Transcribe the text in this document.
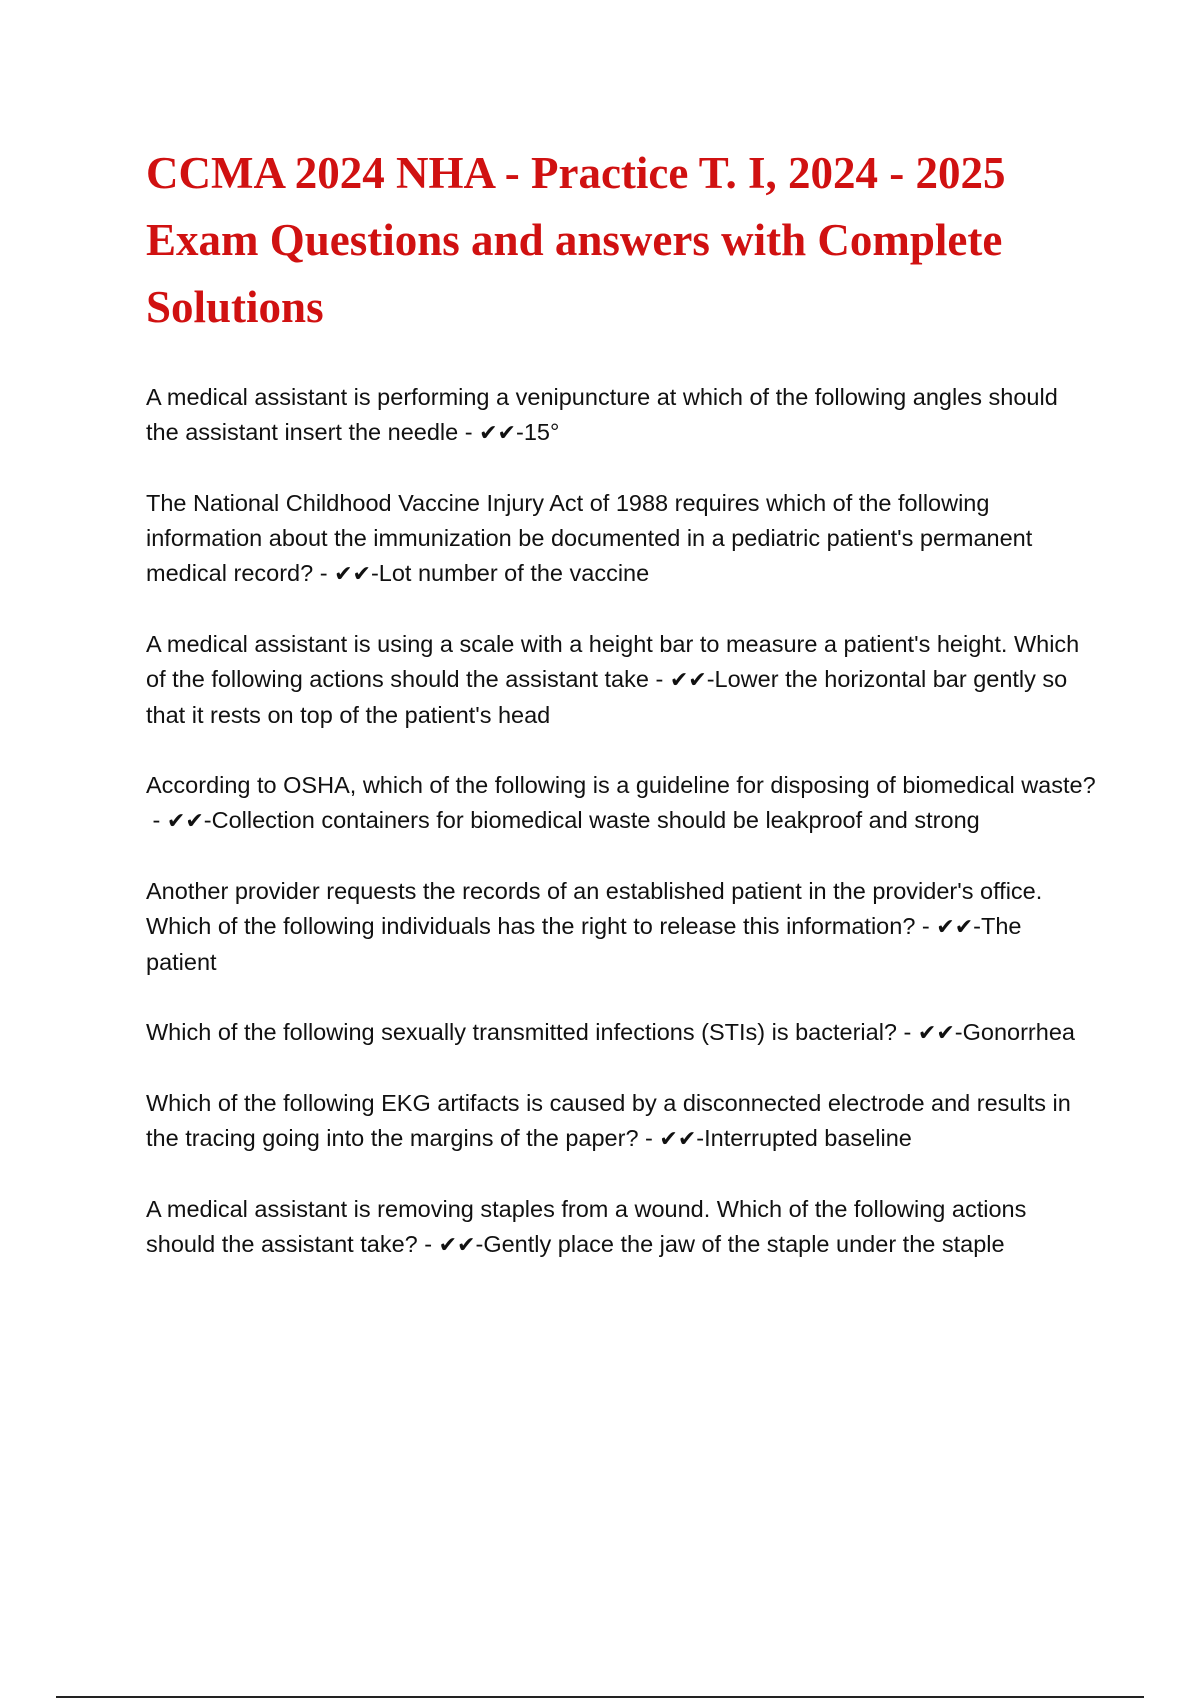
CCMA 2024 NHA - Practice T. I, 2024 - 2025 Exam Questions and answers with Complete Solutions

A medical assistant is performing a venipuncture at which of the following angles should the assistant insert the needle - ✔✔-15°

The National Childhood Vaccine Injury Act of 1988 requires which of the following information about the immunization be documented in a pediatric patient's permanent medical record? - ✔✔-Lot number of the vaccine

A medical assistant is using a scale with a height bar to measure a patient's height. Which of the following actions should the assistant take - ✔✔-Lower the horizontal bar gently so that it rests on top of the patient's head

According to OSHA, which of the following is a guideline for disposing of biomedical waste? - ✔✔-Collection containers for biomedical waste should be leakproof and strong

Another provider requests the records of an established patient in the provider's office. Which of the following individuals has the right to release this information? - ✔✔-The patient

Which of the following sexually transmitted infections (STIs) is bacterial? - ✔✔-Gonorrhea

Which of the following EKG artifacts is caused by a disconnected electrode and results in the tracing going into the margins of the paper? - ✔✔-Interrupted baseline

A medical assistant is removing staples from a wound. Which of the following actions should the assistant take? - ✔✔-Gently place the jaw of the staple under the staple
